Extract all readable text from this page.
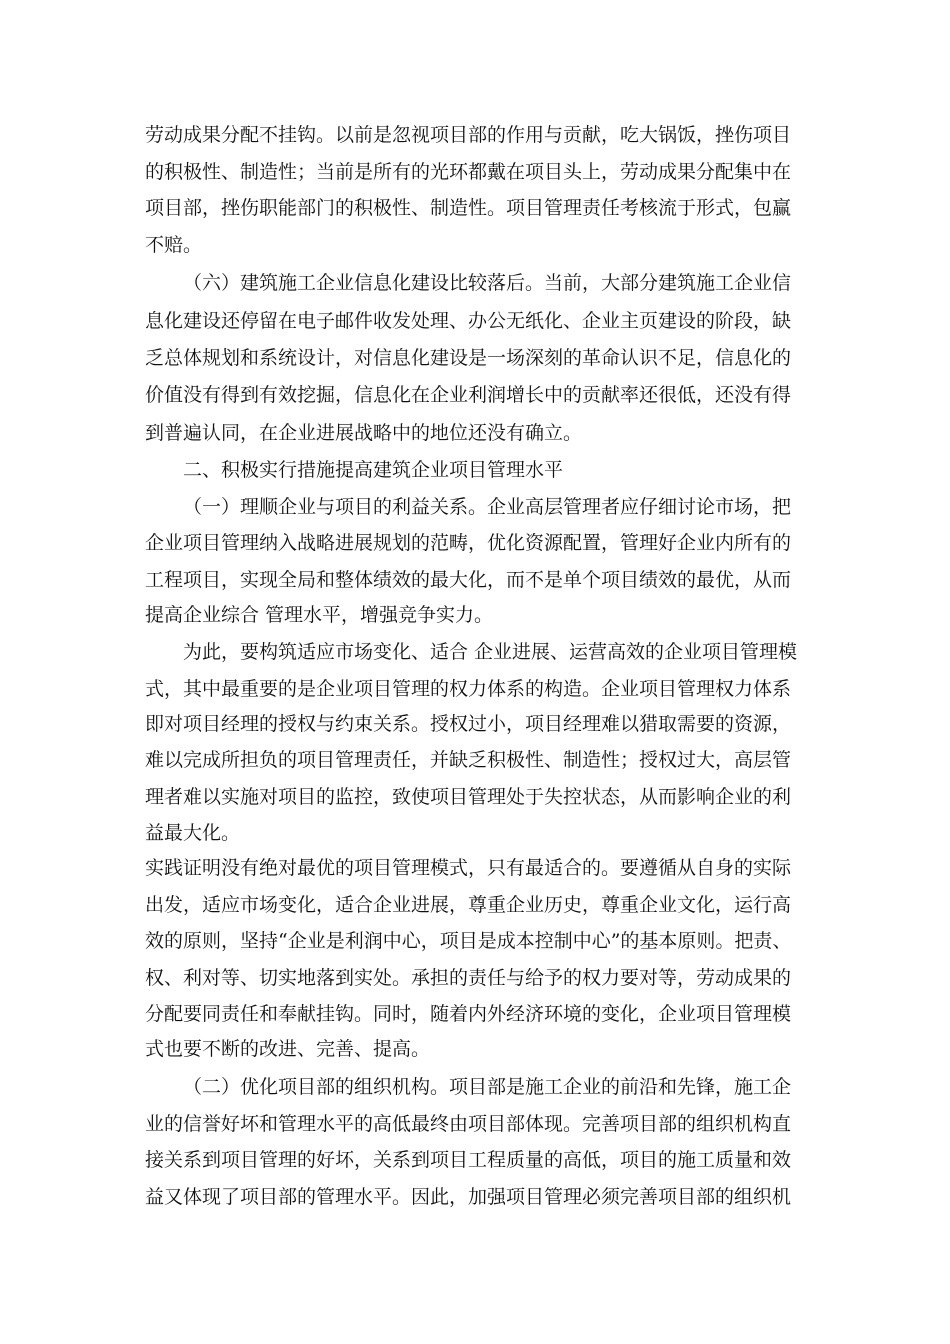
劳动成果分配不挂钩。以前是忽视项目部的作用与贡献，吃大锅饭，挫伤项目
的积极性、制造性；当前是所有的光环都戴在项目头上，劳动成果分配集中在
项目部，挫伤职能部门的积极性、制造性。项目管理责任考核流于形式，包赢
不赔。
（六）建筑施工企业信息化建设比较落后。当前，大部分建筑施工企业信
息化建设还停留在电子邮件收发处理、办公无纸化、企业主页建设的阶段，缺
乏总体规划和系统设计，对信息化建设是一场深刻的革命认识不足，信息化的
价值没有得到有效挖掘，信息化在企业利润增长中的贡献率还很低，还没有得
到普遍认同，在企业进展战略中的地位还没有确立。
二、积极实行措施提高建筑企业项目管理水平
（一）理顺企业与项目的利益关系。企业高层管理者应仔细讨论市场，把
企业项目管理纳入战略进展规划的范畴，优化资源配置，管理好企业内所有的
工程项目，实现全局和整体绩效的最大化，而不是单个项目绩效的最优，从而
提高企业综合 管理水平，增强竞争实力。
为此，要构筑适应市场变化、适合 企业进展、运营高效的企业项目管理模
式，其中最重要的是企业项目管理的权力体系的构造。企业项目管理权力体系
即对项目经理的授权与约束关系。授权过小，项目经理难以猎取需要的资源，
难以完成所担负的项目管理责任，并缺乏积极性、制造性；授权过大，高层管
理者难以实施对项目的监控，致使项目管理处于失控状态，从而影响企业的利
益最大化。
实践证明没有绝对最优的项目管理模式，只有最适合的。要遵循从自身的实际
出发，适应市场变化，适合企业进展，尊重企业历史，尊重企业文化，运行高
效的原则，坚持“企业是利润中心，项目是成本控制中心”的基本原则。把责、
权、利对等、切实地落到实处。承担的责任与给予的权力要对等，劳动成果的
分配要同责任和奉献挂钩。同时，随着内外经济环境的变化，企业项目管理模
式也要不断的改进、完善、提高。
（二）优化项目部的组织机构。项目部是施工企业的前沿和先锋，施工企
业的信誉好坏和管理水平的高低最终由项目部体现。完善项目部的组织机构直
接关系到项目管理的好坏，关系到项目工程质量的高低，项目的施工质量和效
益又体现了项目部的管理水平。因此，加强项目管理必须完善项目部的组织机
